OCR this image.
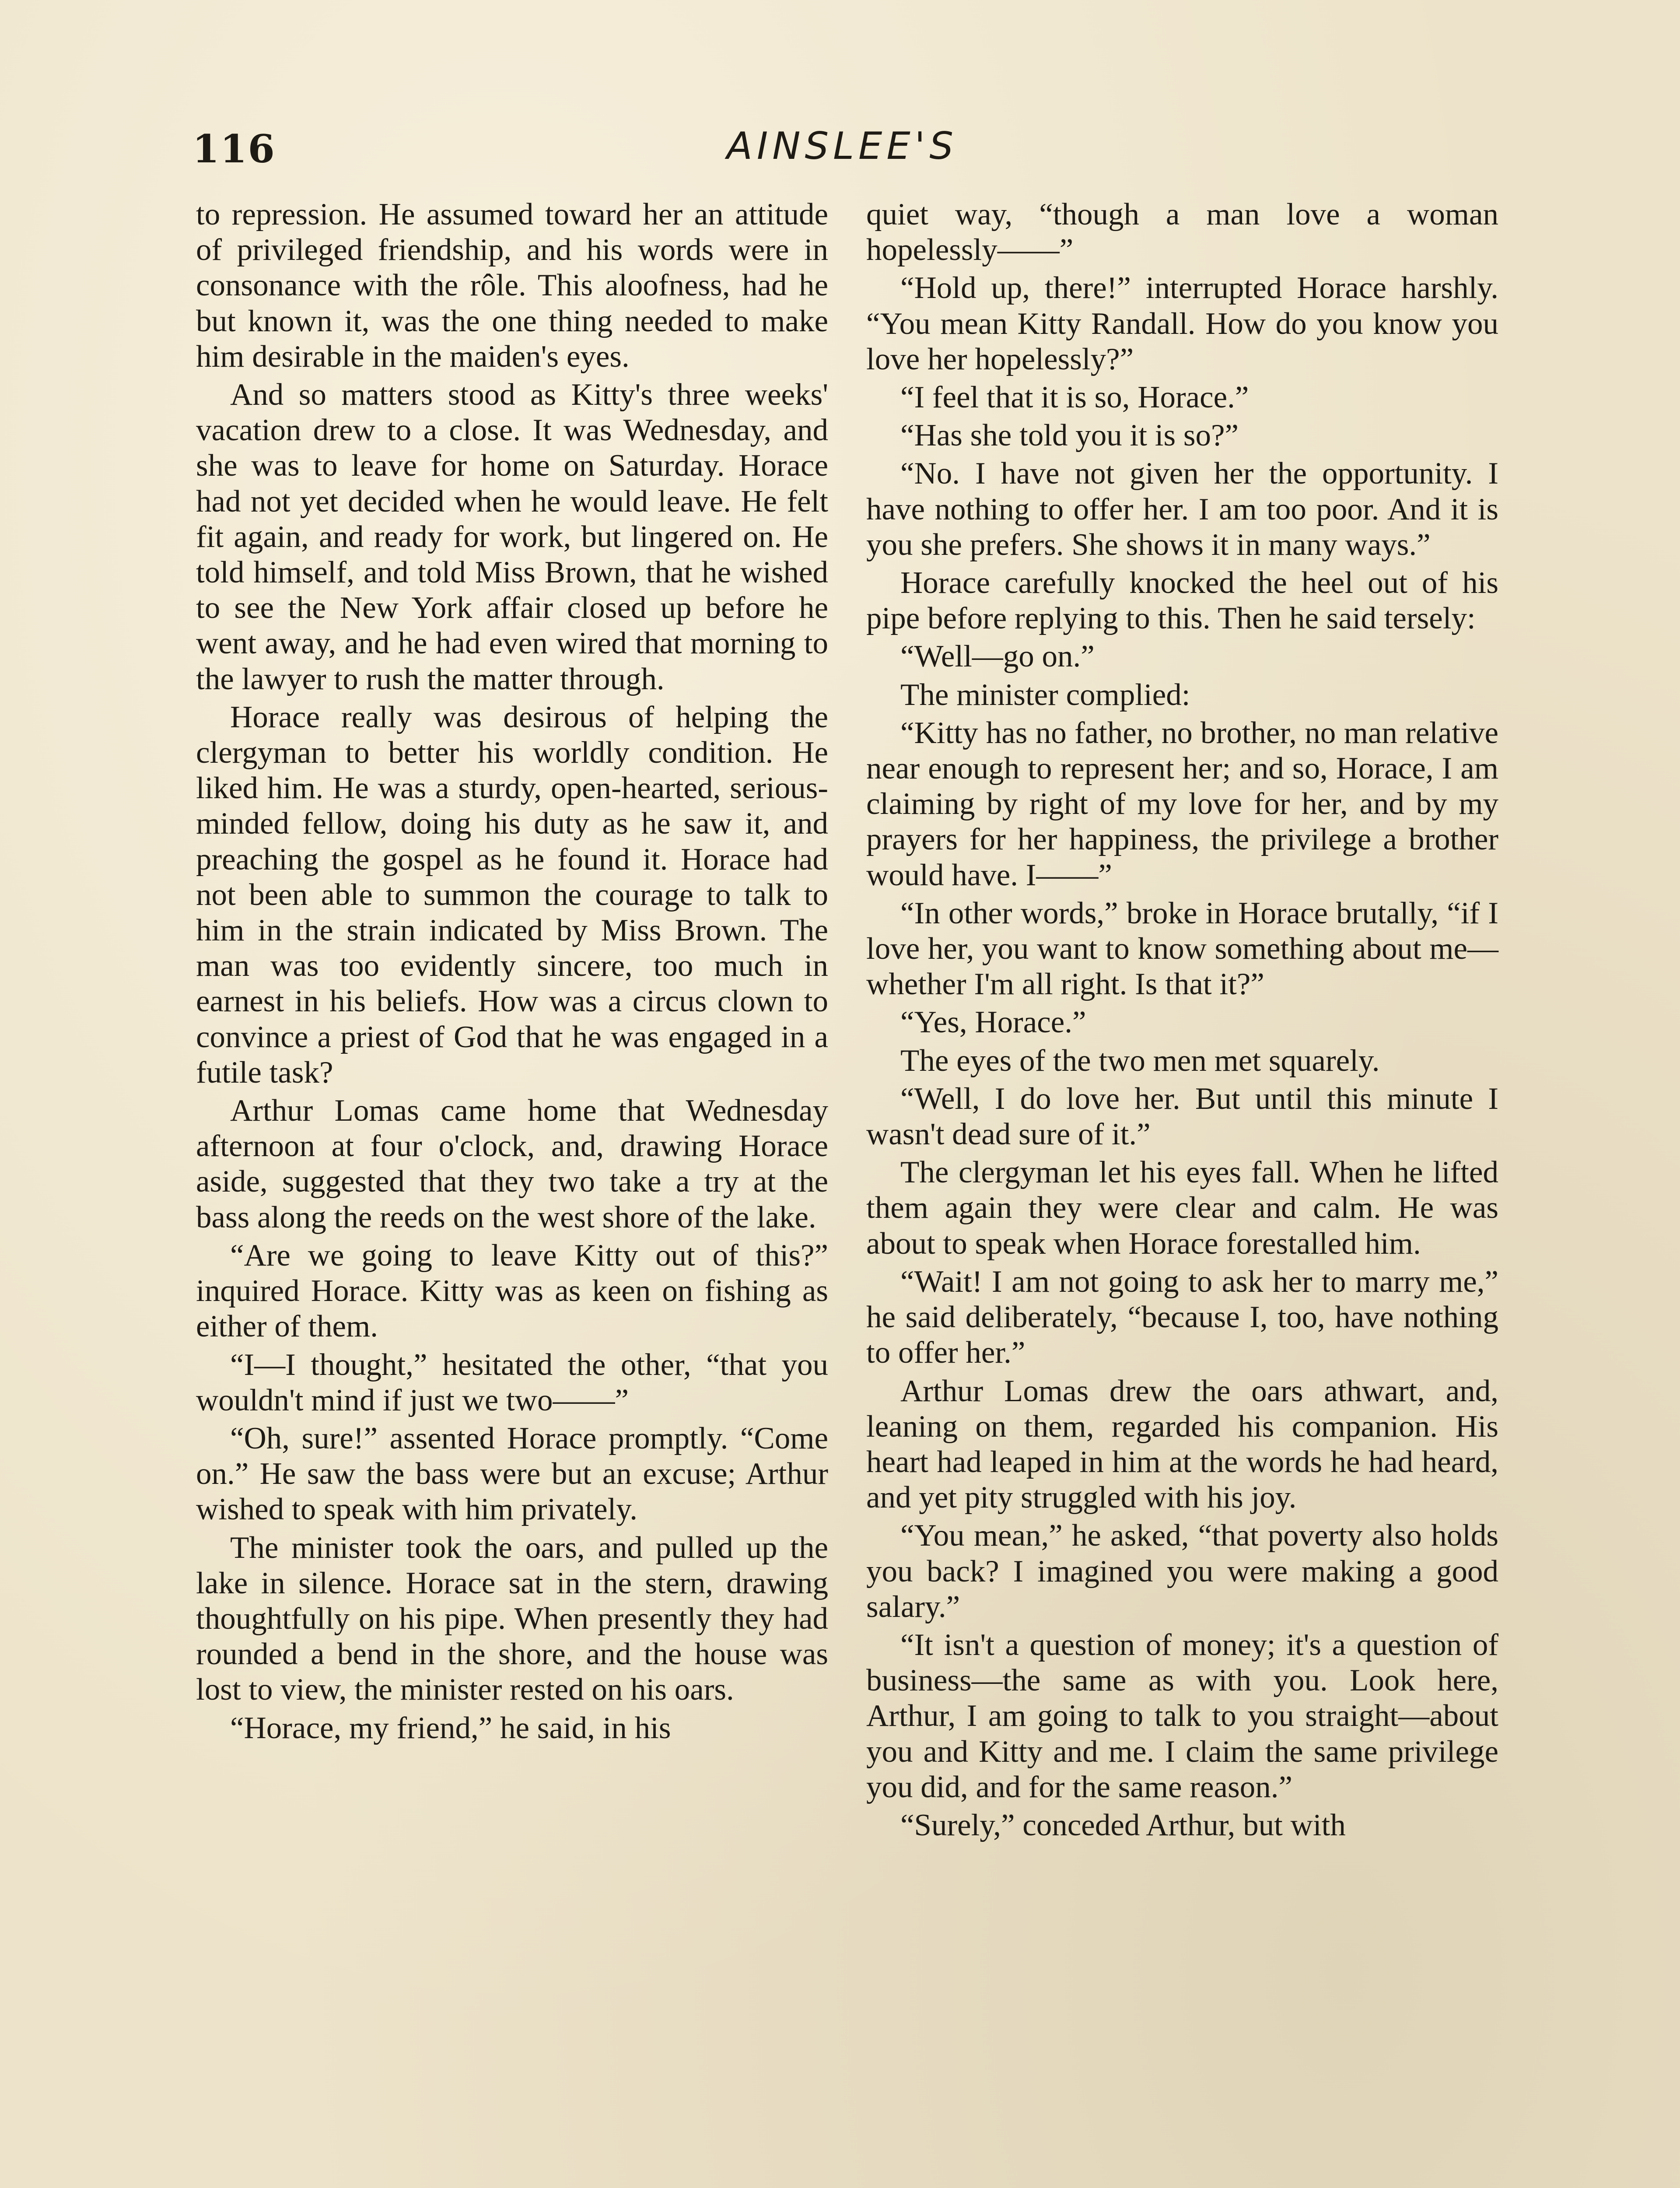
116	AINSLEE'S

to repression. He assumed toward her an attitude of privileged friendship, and his words were in consonance with the rôle. This aloofness, had he but known it, was the one thing needed to make him desirable in the maiden's eyes.

And so matters stood as Kitty's three weeks' vacation drew to a close. It was Wednesday, and she was to leave for home on Saturday. Horace had not yet decided when he would leave. He felt fit again, and ready for work, but lingered on. He told himself, and told Miss Brown, that he wished to see the New York affair closed up before he went away, and he had even wired that morning to the lawyer to rush the matter through.

Horace really was desirous of helping the clergyman to better his worldly condition. He liked him. He was a sturdy, open-hearted, serious-minded fellow, doing his duty as he saw it, and preaching the gospel as he found it. Horace had not been able to summon the courage to talk to him in the strain indicated by Miss Brown. The man was too evidently sincere, too much in earnest in his beliefs. How was a circus clown to convince a priest of God that he was engaged in a futile task?

Arthur Lomas came home that Wednesday afternoon at four o'clock, and, drawing Horace aside, suggested that they two take a try at the bass along the reeds on the west shore of the lake.

“Are we going to leave Kitty out of this?” inquired Horace. Kitty was as keen on fishing as either of them.

“I—I thought,” hesitated the other, “that you wouldn't mind if just we two——”

“Oh, sure!” assented Horace promptly. “Come on.” He saw the bass were but an excuse; Arthur wished to speak with him privately.

The minister took the oars, and pulled up the lake in silence. Horace sat in the stern, drawing thoughtfully on his pipe. When presently they had rounded a bend in the shore, and the house was lost to view, the minister rested on his oars.

“Horace, my friend,” he said, in his

quiet way, “though a man love a woman hopelessly——”

“Hold up, there!” interrupted Horace harshly. “You mean Kitty Randall. How do you know you love her hopelessly?”

“I feel that it is so, Horace.”

“Has she told you it is so?”

“No. I have not given her the opportunity. I have nothing to offer her. I am too poor. And it is you she prefers. She shows it in many ways.”

Horace carefully knocked the heel out of his pipe before replying to this. Then he said tersely:

“Well—go on.”

The minister complied:

“Kitty has no father, no brother, no man relative near enough to represent her; and so, Horace, I am claiming by right of my love for her, and by my prayers for her happiness, the privilege a brother would have. I——”

“In other words,” broke in Horace brutally, “if I love her, you want to know something about me—whether I'm all right. Is that it?”

“Yes, Horace.”

The eyes of the two men met squarely.

“Well, I do love her. But until this minute I wasn't dead sure of it.”

The clergyman let his eyes fall. When he lifted them again they were clear and calm. He was about to speak when Horace forestalled him.

“Wait! I am not going to ask her to marry me,” he said deliberately, “because I, too, have nothing to offer her.”

Arthur Lomas drew the oars athwart, and, leaning on them, regarded his companion. His heart had leaped in him at the words he had heard, and yet pity struggled with his joy.

“You mean,” he asked, “that poverty also holds you back? I imagined you were making a good salary.”

“It isn't a question of money; it's a question of business—the same as with you. Look here, Arthur, I am going to talk to you straight—about you and Kitty and me. I claim the same privilege you did, and for the same reason.”

“Surely,” conceded Arthur, but with
